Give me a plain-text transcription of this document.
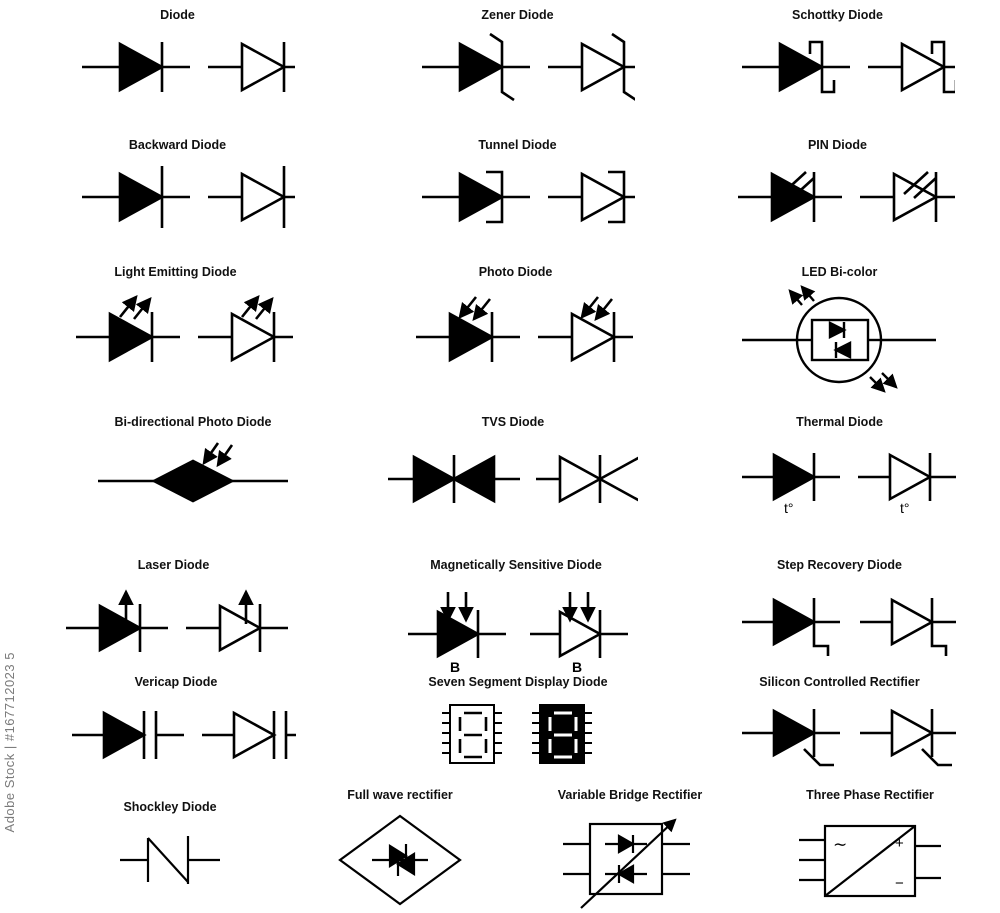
Adobe Stock | #167712023 5
Diode	Zener Diode	Schottky Diode
Backward Diode	Tunnel Diode	PIN Diode
Light Emitting Diode	Photo Diode	LED Bi-color
Bi-directional Photo Diode	TVS Diode	Thermal Diode
t°	t°
Laser Diode	Magnetically Sensitive Diode
B	B
Step Recovery Diode
Vericap Diode	Seven Segment Display Diode	Silicon Controlled Rectifier
Shockley Diode
Full wave rectifier	Variable Bridge Rectifier	Three Phase Rectifier
∼	+
−
